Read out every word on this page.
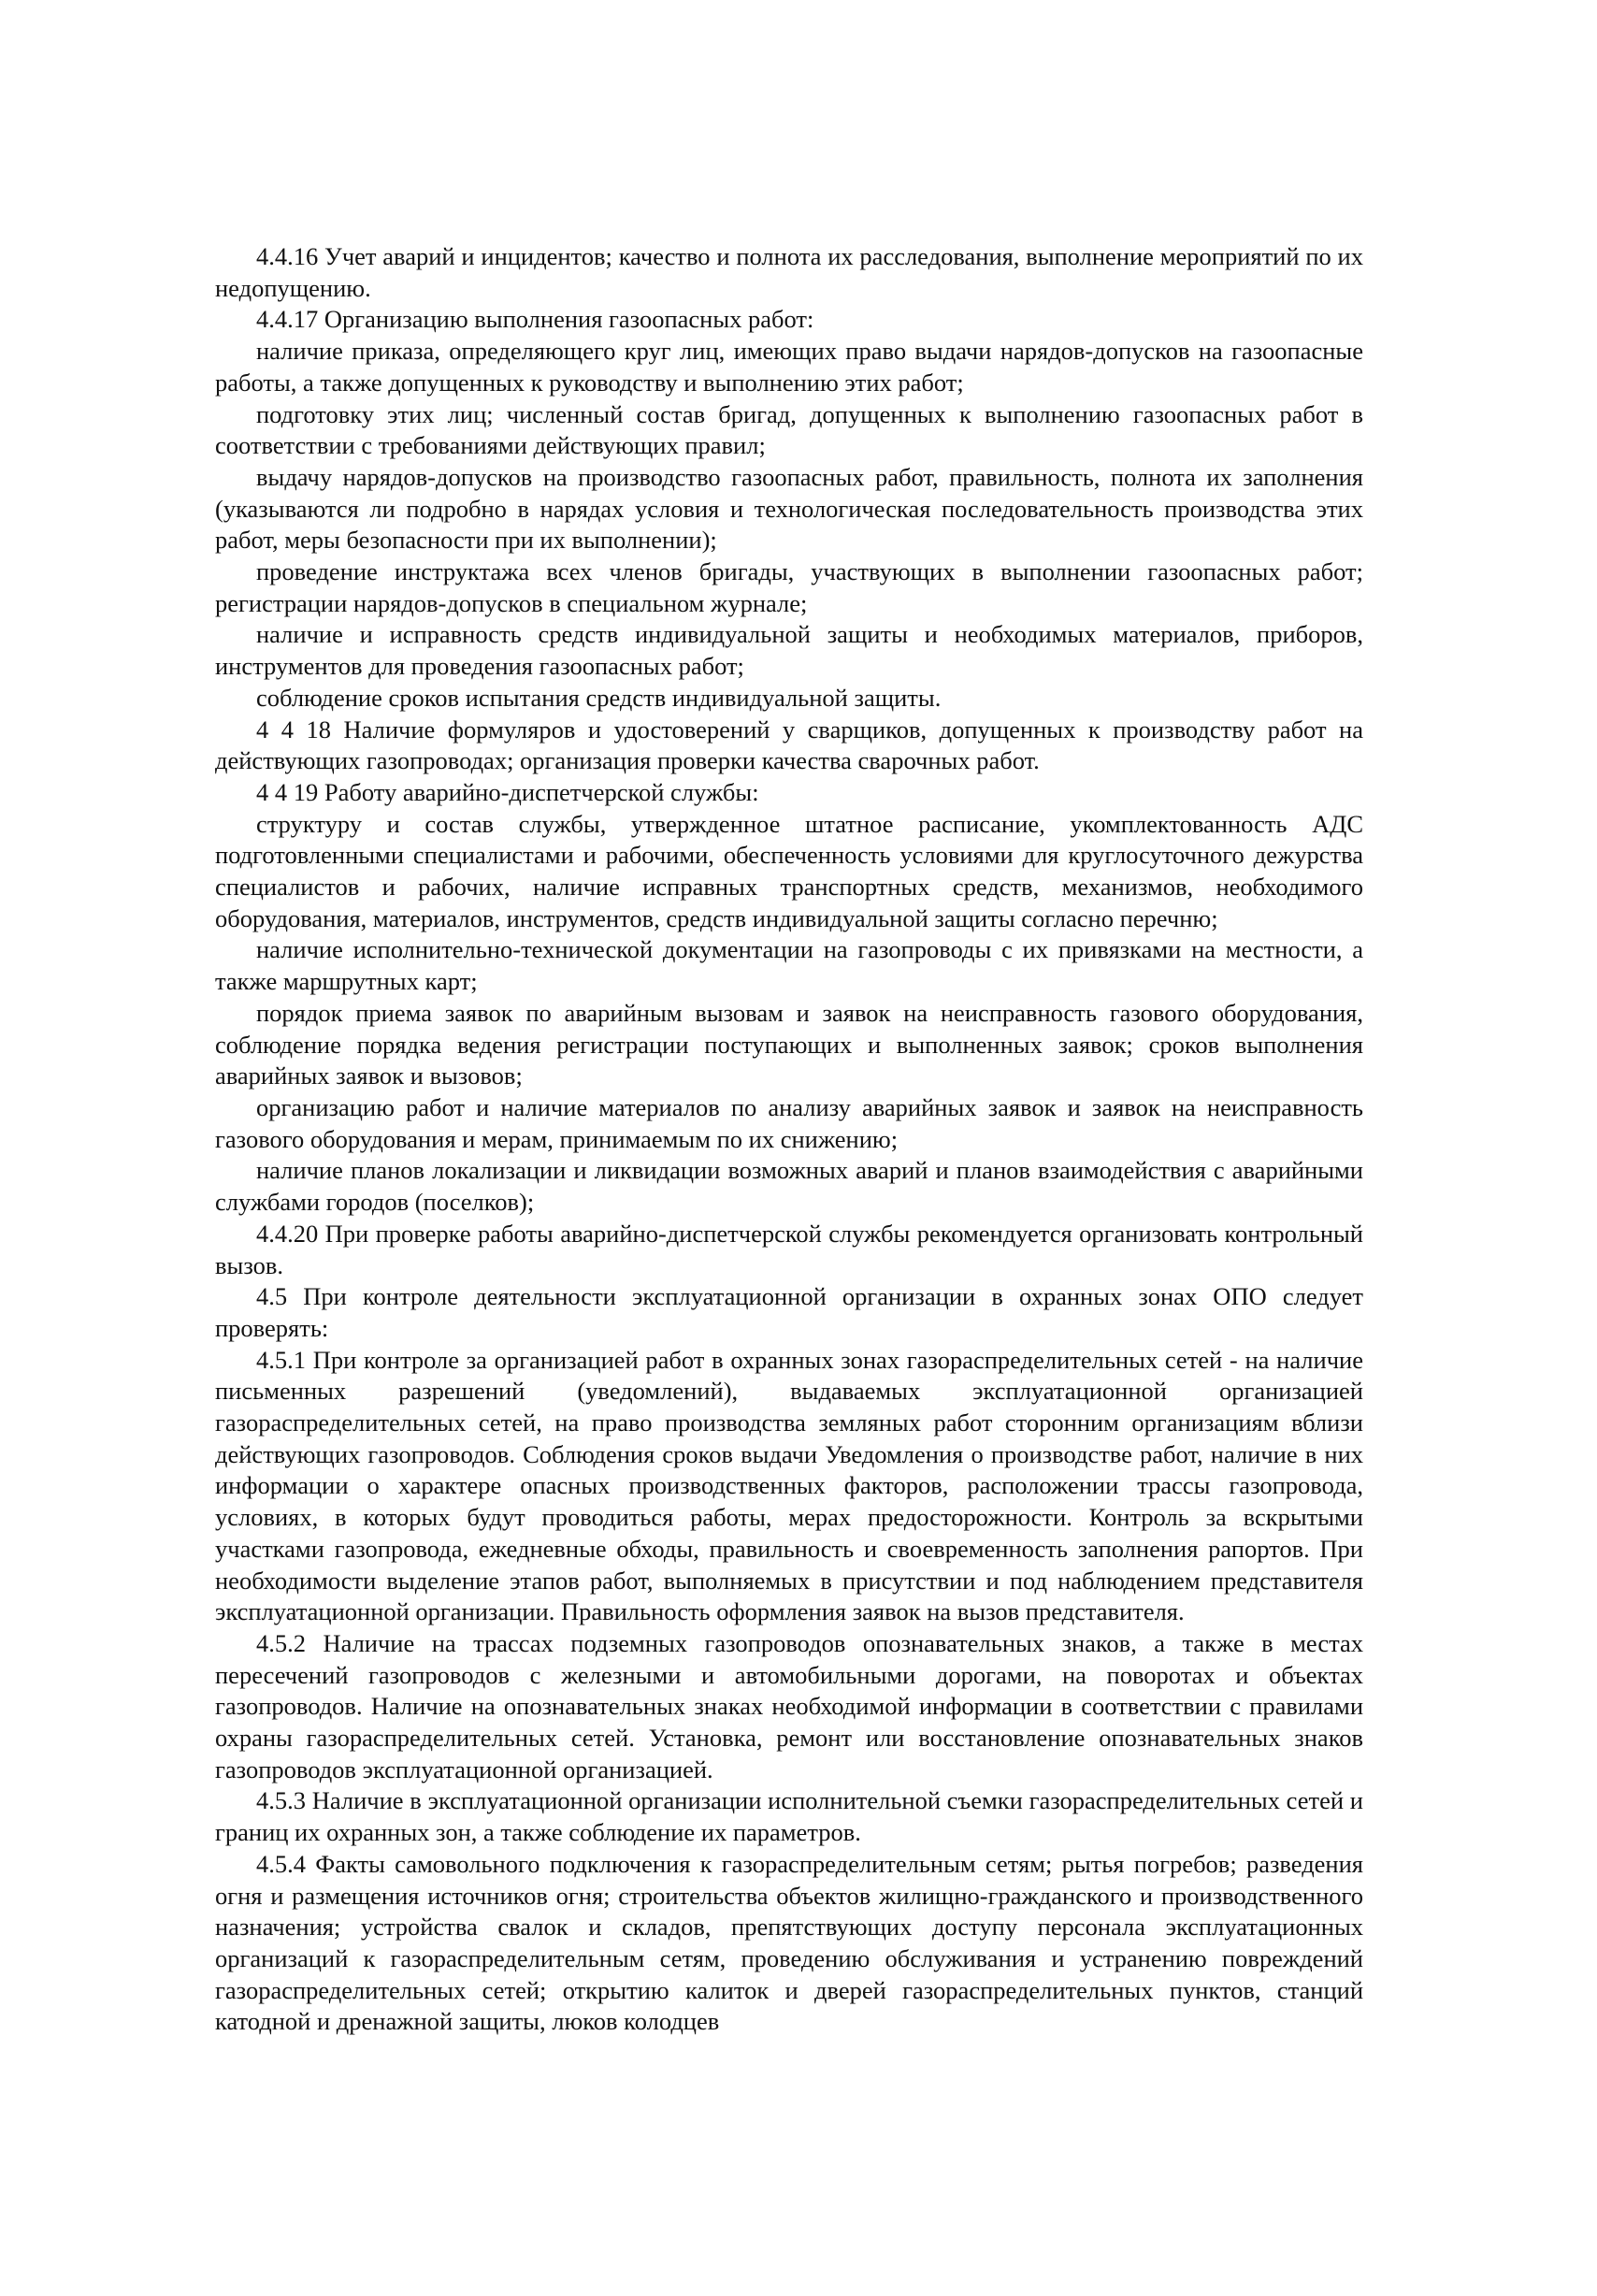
4.4.16 Учет аварий и инцидентов; качество и полнота их расследования, выполнение мероприятий по их недопущению.

4.4.17 Организацию выполнения газоопасных работ:

наличие приказа, определяющего круг лиц, имеющих право выдачи нарядов-допусков на газоопасные работы, а также допущенных к руководству и выполнению этих работ;

подготовку этих лиц; численный состав бригад, допущенных к выполнению газоопасных работ в соответствии с требованиями действующих правил;

выдачу нарядов-допусков на производство газоопасных работ, правильность, полнота их заполнения (указываются ли подробно в нарядах условия и технологическая последовательность производства этих работ, меры безопасности при их выполнении);

проведение инструктажа всех членов бригады, участвующих в выполнении газоопасных работ; регистрации нарядов-допусков в специальном журнале;

наличие и исправность средств индивидуальной защиты и необходимых материалов, приборов, инструментов для проведения газоопасных работ;

соблюдение сроков испытания средств индивидуальной защиты.

4 4 18 Наличие формуляров и удостоверений у сварщиков, допущенных к производству работ на действующих газопроводах; организация проверки качества сварочных работ.

4 4 19 Работу аварийно-диспетчерской службы:

структуру и состав службы, утвержденное штатное расписание, укомплектованность АДС подготовленными специалистами и рабочими, обеспеченность условиями для круглосуточного дежурства специалистов и рабочих, наличие исправных транспортных средств, механизмов, необходимого оборудования, материалов, инструментов, средств индивидуальной защиты согласно перечню;

наличие исполнительно-технической документации на газопроводы с их привязками на местности, а также маршрутных карт;

порядок приема заявок по аварийным вызовам и заявок на неисправность газового оборудования, соблюдение порядка ведения регистрации поступающих и выполненных заявок; сроков выполнения аварийных заявок и вызовов;

организацию работ и наличие материалов по анализу аварийных заявок и заявок на неисправность газового оборудования и мерам, принимаемым по их снижению;

наличие планов локализации и ликвидации возможных аварий и планов взаимодействия с аварийными службами городов (поселков);

4.4.20 При проверке работы аварийно-диспетчерской службы рекомендуется организовать контрольный вызов.

4.5 При контроле деятельности эксплуатационной организации в охранных зонах ОПО следует проверять:

4.5.1 При контроле за организацией работ в охранных зонах газораспределительных сетей - на наличие письменных разрешений (уведомлений), выдаваемых эксплуатационной организацией газораспределительных сетей, на право производства земляных работ сторонним организациям вблизи действующих газопроводов. Соблюдения сроков выдачи Уведомления о производстве работ, наличие в них информации о характере опасных производственных факторов, расположении трассы газопровода, условиях, в которых будут проводиться работы, мерах предосторожности. Контроль за вскрытыми участками газопровода, ежедневные обходы, правильность и своевременность заполнения рапортов. При необходимости выделение этапов работ, выполняемых в присутствии и под наблюдением представителя эксплуатационной организации. Правильность оформления заявок на вызов представителя.

4.5.2 Наличие на трассах подземных газопроводов опознавательных знаков, а также в местах пересечений газопроводов с железными и автомобильными дорогами, на поворотах и объектах газопроводов. Наличие на опознавательных знаках необходимой информации в соответствии с правилами охраны газораспределительных сетей. Установка, ремонт или восстановление опознавательных знаков газопроводов эксплуатационной организацией.

4.5.3 Наличие в эксплуатационной организации исполнительной съемки газораспределительных сетей и границ их охранных зон, а также соблюдение их параметров.

4.5.4 Факты самовольного подключения к газораспределительным сетям; рытья погребов; разведения огня и размещения источников огня; строительства объектов жилищно-гражданского и производственного назначения; устройства свалок и складов, препятствующих доступу персонала эксплуатационных организаций к газораспределительным сетям, проведению обслуживания и устранению повреждений газораспределительных сетей; открытию калиток и дверей газораспределительных пунктов, станций катодной и дренажной защиты, люков колодцев
